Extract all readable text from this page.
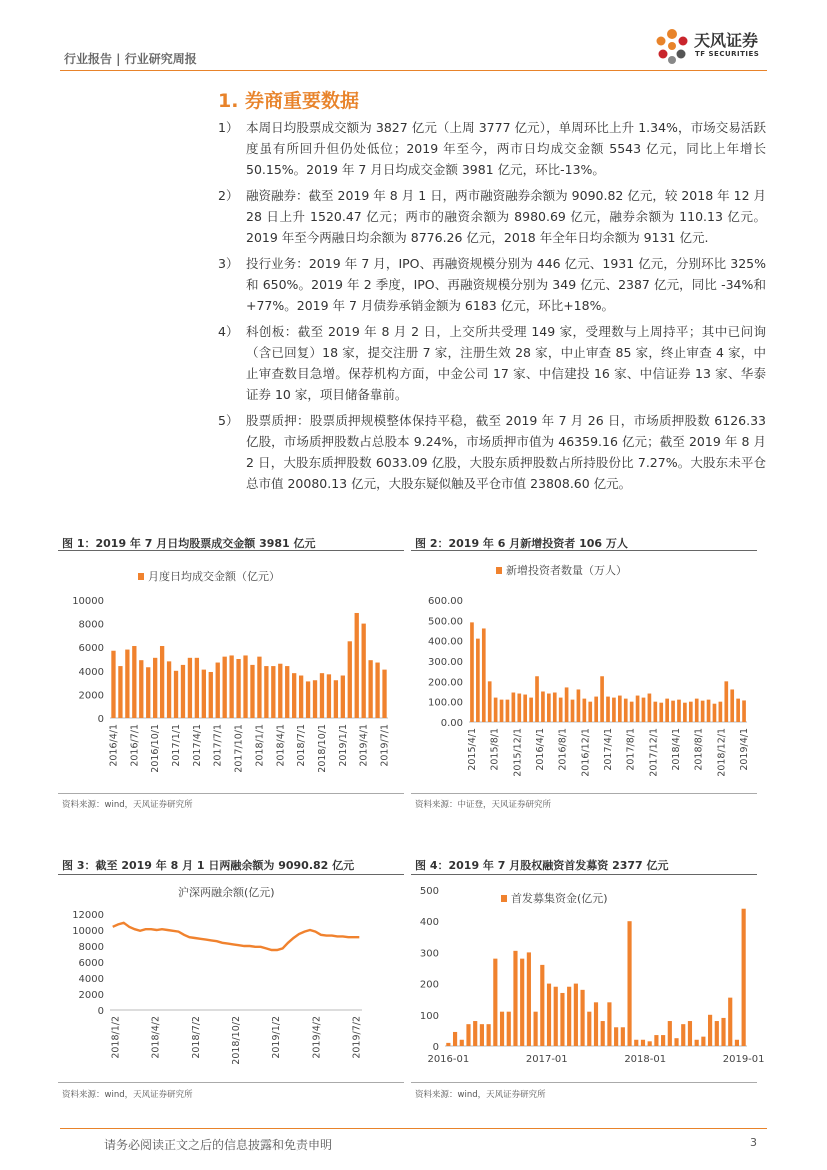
行业报告 | 行业研究周报
天风证券
TF SECURITIES
1. 券商重要数据
1） 本周日均股票成交额为 3827 亿元（上周 3777 亿元），单周环比上升 1.34%，市场交易活跃度虽有所回升但仍处低位；2019 年至今，两市日均成交金额 5543 亿元，同比上年增长 50.15%。2019 年 7 月日均成交金额 3981 亿元，环比-13%。
2） 融资融券：截至 2019 年 8 月 1 日，两市融资融券余额为 9090.82 亿元，较 2018 年 12 月 28 日上升 1520.47 亿元；两市的融资余额为 8980.69 亿元，融券余额为 110.13 亿元。2019 年至今两融日均余额为 8776.26 亿元，2018 年全年日均余额为 9131 亿元.
3） 投行业务：2019 年 7 月，IPO、再融资规模分别为 446 亿元、1931 亿元，分别环比 325%和 650%。2019 年 2 季度，IPO、再融资规模分别为 349 亿元、2387 亿元，同比 -34%和+77%。2019 年 7 月债券承销金额为 6183 亿元，环比+18%。
4） 科创板：截至 2019 年 8 月 2 日，上交所共受理 149 家，受理数与上周持平；其中已问询（含已回复）18 家，提交注册 7 家，注册生效 28 家，中止审查 85 家，终止审查 4 家，中止审查数目急增。保荐机构方面，中金公司 17 家、中信建投 16 家、中信证券 13 家、华泰证券 10 家，项目储备靠前。
5） 股票质押：股票质押规模整体保持平稳，截至 2019 年 7 月 26 日，市场质押股数 6126.33 亿股，市场质押股数占总股本 9.24%，市场质押市值为 46359.16 亿元；截至 2019 年 8 月 2 日，大股东质押股数 6033.09 亿股，大股东质押股数占所持股份比 7.27%。大股东未平仓总市值 20080.13 亿元，大股东疑似触及平仓市值 23808.60 亿元。
图 1：2019 年 7 月日均股票成交金额 3981 亿元
月度日均成交金额（亿元）
10000
8000
6000
4000
2000
0
2016/4/1 2016/7/1 2016/10/1 2017/1/1 2017/4/1 2017/7/1 2017/10/1 2018/1/1 2018/4/1 2018/7/1 2018/10/1 2019/1/1 2019/4/1 2019/7/1
资料来源：wind，天风证券研究所
图 2：2019 年 6 月新增投资者 106 万人
新增投资者数量（万人）
600.00
500.00
400.00
300.00
200.00
100.00
0.00
2015/4/1 2015/8/1 2015/12/1 2016/4/1 2016/8/1 2016/12/1 2017/4/1 2017/8/1 2017/12/1 2018/4/1 2018/8/1 2018/12/1 2019/4/1
资料来源：中证登，天风证券研究所
图 3：截至 2019 年 8 月 1 日两融余额为 9090.82 亿元
沪深两融余额(亿元)
12000
10000
8000
6000
4000
2000
0
2018/1/2	2018/4/2	2018/7/2	2018/10/2	2019/1/2	2019/4/2	2019/7/2
资料来源：wind，天风证券研究所
图 4：2019 年 7 月股权融资首发募资 2377 亿元
首发募集资金(亿元)
500
400
300
200
100
0
2016-01	2017-01	2018-01	2019-01
资料来源：wind，天风证券研究所
请务必阅读正文之后的信息披露和免责申明	3
